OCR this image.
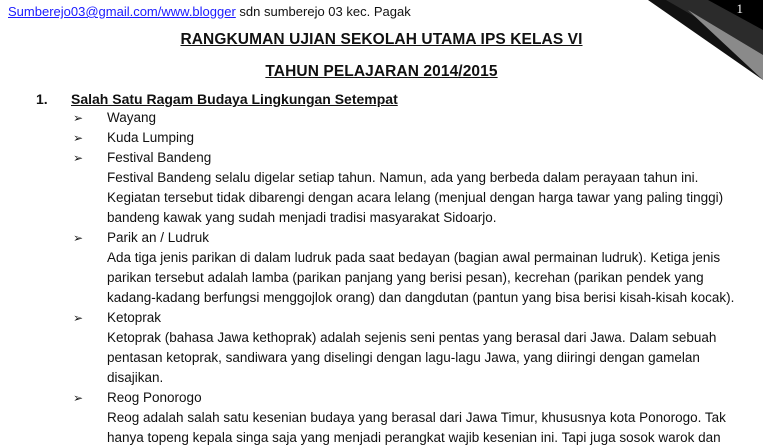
1
Sumberejo03@gmail.com/www.blogger sdn sumberejo 03 kec. Pagak
RANGKUMAN UJIAN SEKOLAH UTAMA IPS KELAS VI
TAHUN PELAJARAN 2014/2015
1. Salah Satu Ragam Budaya Lingkungan Setempat
➢ Wayang
➢ Kuda Lumping
➢ Festival Bandeng
Festival Bandeng selalu digelar setiap tahun. Namun, ada yang berbeda dalam perayaan tahun ini. Kegiatan tersebut tidak dibarengi dengan acara lelang (menjual dengan harga tawar yang paling tinggi) bandeng kawak yang sudah menjadi tradisi masyarakat Sidoarjo.
➢ Parik an / Ludruk
Ada tiga jenis parikan di dalam ludruk pada saat bedayan (bagian awal permainan ludruk). Ketiga jenis parikan tersebut adalah lamba (parikan panjang yang berisi pesan), kecrehan (parikan pendek yang kadang-kadang berfungsi menggojlok orang) dan dangdutan (pantun yang bisa berisi kisah-kisah kocak).
➢ Ketoprak
Ketoprak (bahasa Jawa kethoprak) adalah sejenis seni pentas yang berasal dari Jawa. Dalam sebuah pentasan ketoprak, sandiwara yang diselingi dengan lagu-lagu Jawa, yang diiringi dengan gamelan disajikan.
➢ Reog Ponorogo
Reog adalah salah satu kesenian budaya yang berasal dari Jawa Timur, khususnya kota Ponorogo. Tak hanya topeng kepala singa saja yang menjadi perangkat wajib kesenian ini. Tapi juga sosok warok dan
